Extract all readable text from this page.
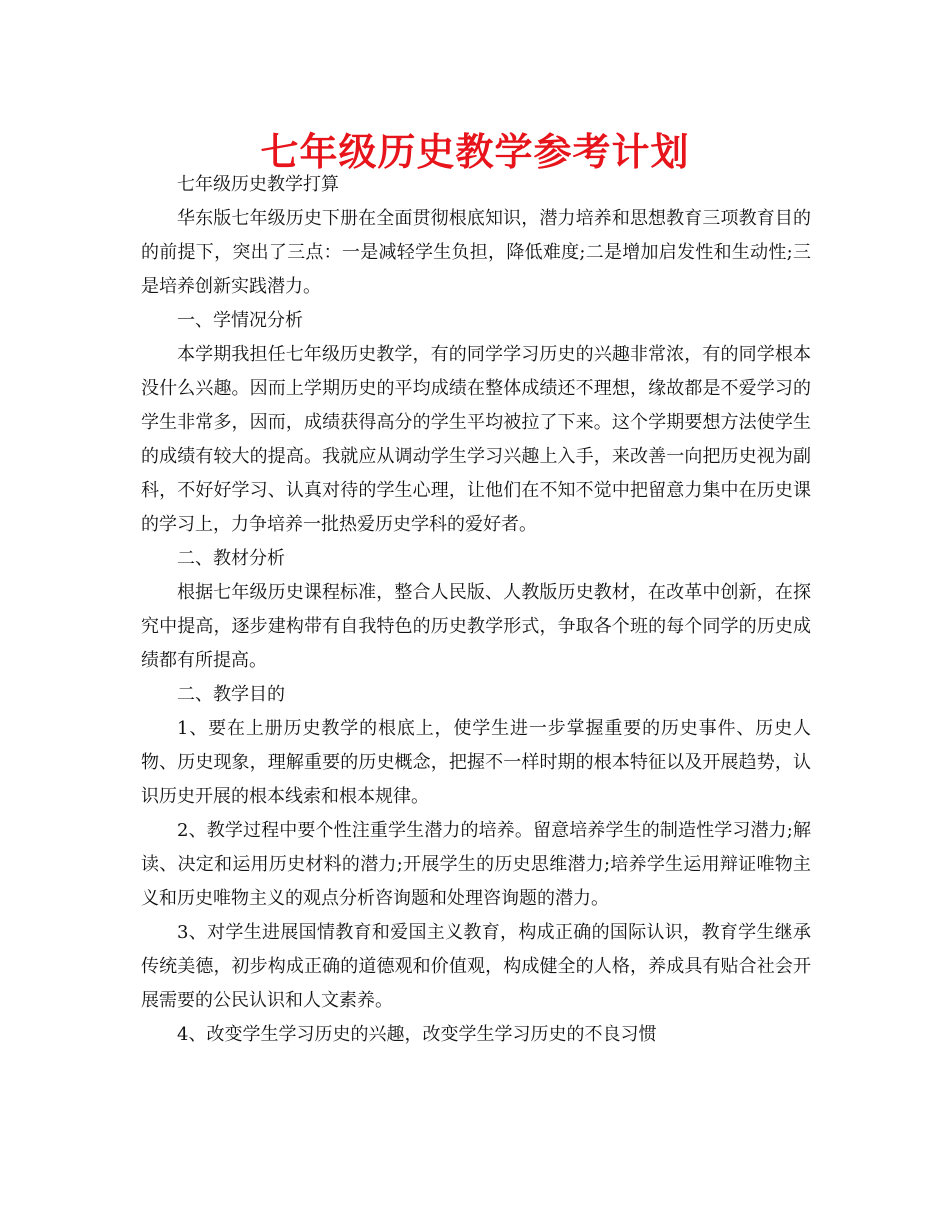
七年级历史教学参考计划

七年级历史教学打算

华东版七年级历史下册在全面贯彻根底知识，潜力培养和思想教育三项教育目的的前提下，突出了三点：一是减轻学生负担，降低难度;二是增加启发性和生动性;三是培养创新实践潜力。

一、学情况分析

本学期我担任七年级历史教学，有的同学学习历史的兴趣非常浓，有的同学根本没什么兴趣。因而上学期历史的平均成绩在整体成绩还不理想，缘故都是不爱学习的学生非常多，因而，成绩获得高分的学生平均被拉了下来。这个学期要想方法使学生的成绩有较大的提高。我就应从调动学生学习兴趣上入手，来改善一向把历史视为副科，不好好学习、认真对待的学生心理，让他们在不知不觉中把留意力集中在历史课的学习上，力争培养一批热爱历史学科的爱好者。

二、教材分析

根据七年级历史课程标准，整合人民版、人教版历史教材，在改革中创新，在探究中提高，逐步建构带有自我特色的历史教学形式，争取各个班的每个同学的历史成绩都有所提高。

二、教学目的

1、要在上册历史教学的根底上，使学生进一步掌握重要的历史事件、历史人物、历史现象，理解重要的历史概念，把握不一样时期的根本特征以及开展趋势，认识历史开展的根本线索和根本规律。

2、教学过程中要个性注重学生潜力的培养。留意培养学生的制造性学习潜力;解读、决定和运用历史材料的潜力;开展学生的历史思维潜力;培养学生运用辩证唯物主义和历史唯物主义的观点分析咨询题和处理咨询题的潜力。

3、对学生进展国情教育和爱国主义教育，构成正确的国际认识，教育学生继承传统美德，初步构成正确的道德观和价值观，构成健全的人格，养成具有贴合社会开展需要的公民认识和人文素养。

4、改变学生学习历史的兴趣，改变学生学习历史的不良习惯
